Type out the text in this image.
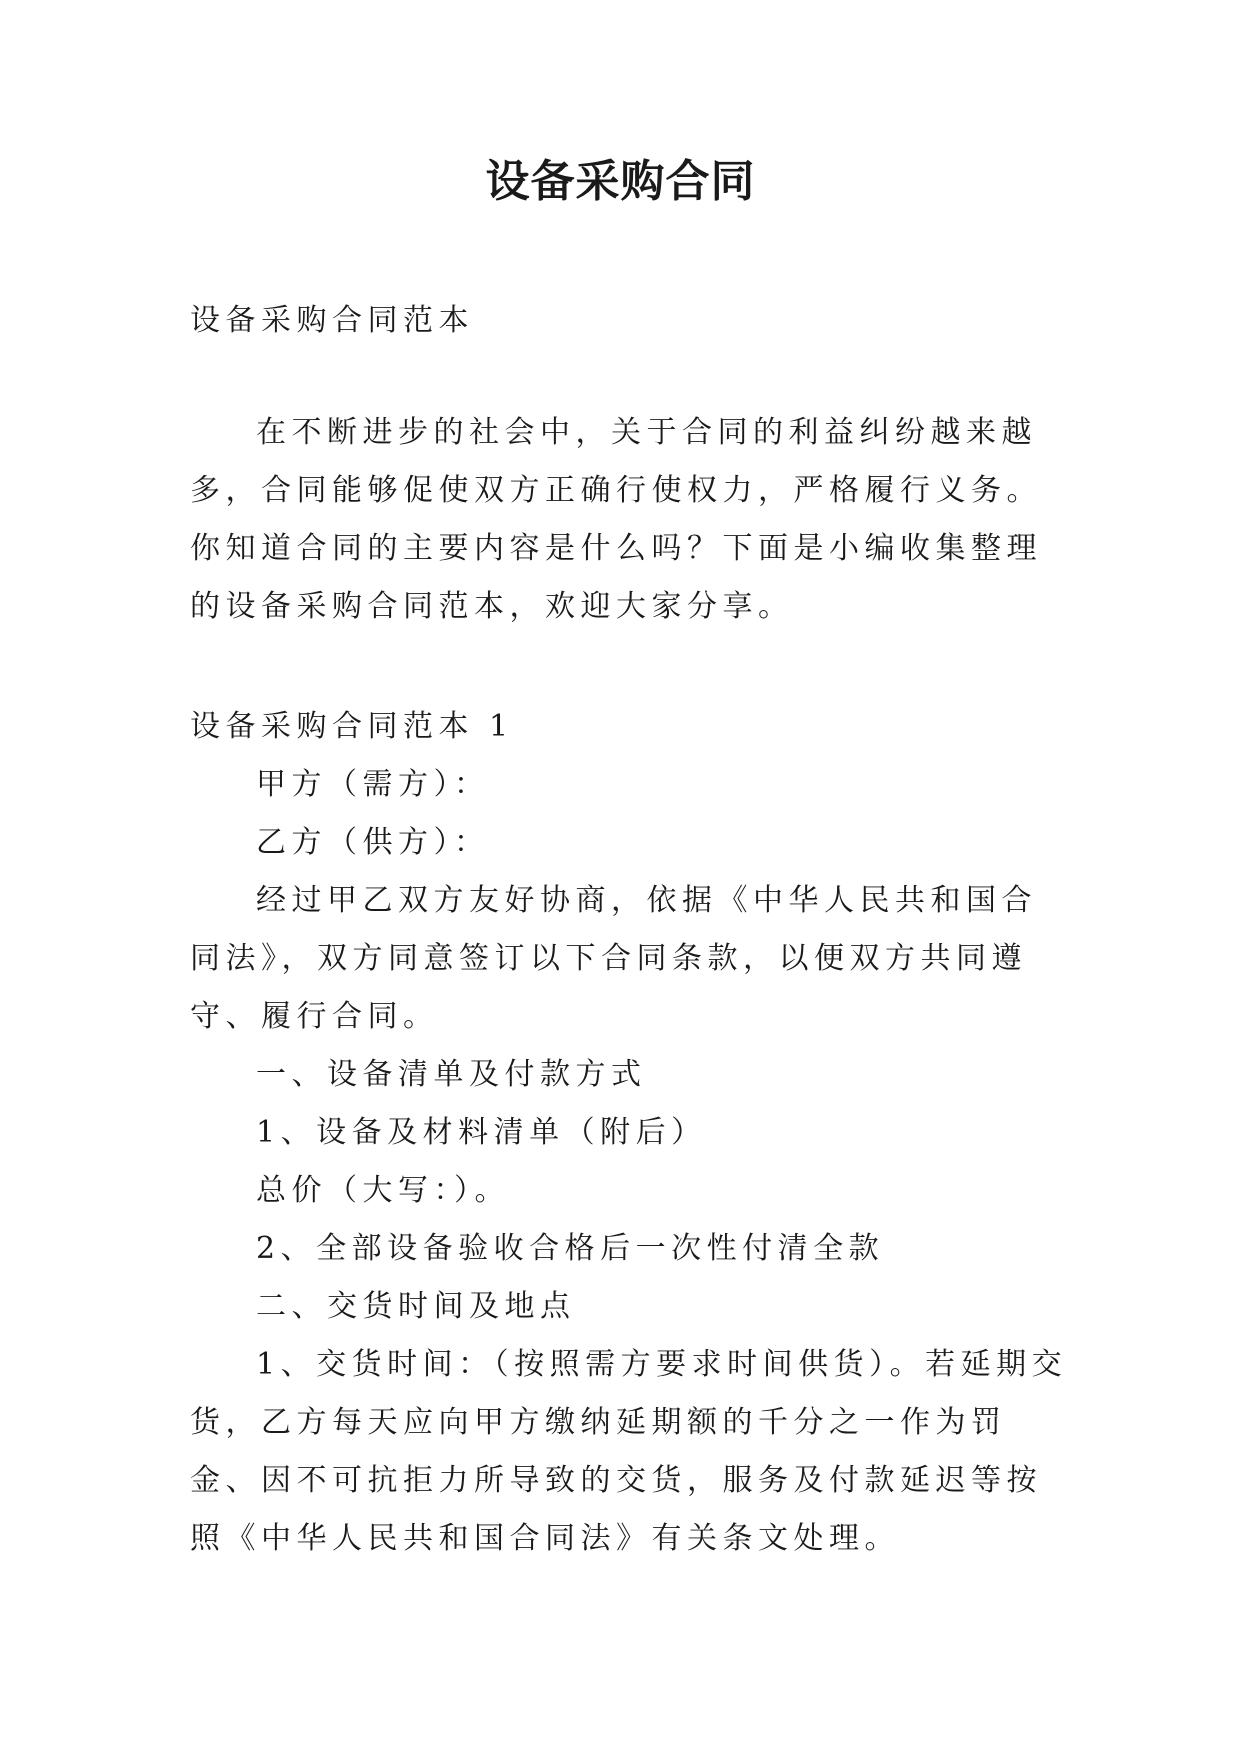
设备采购合同

设备采购合同范本

在不断进步的社会中，关于合同的利益纠纷越来越多，合同能够促使双方正确行使权力，严格履行义务。你知道合同的主要内容是什么吗？下面是小编收集整理的设备采购合同范本，欢迎大家分享。

设备采购合同范本 1

甲方（需方）：

乙方（供方）：

经过甲乙双方友好协商，依据《中华人民共和国合同法》，双方同意签订以下合同条款，以便双方共同遵守、履行合同。

一、设备清单及付款方式

1、设备及材料清单（附后）

总价（大写：）。

2、全部设备验收合格后一次性付清全款

二、交货时间及地点

1、交货时间：（按照需方要求时间供货）。若延期交货，乙方每天应向甲方缴纳延期额的千分之一作为罚金、因不可抗拒力所导致的交货，服务及付款延迟等按照《中华人民共和国合同法》有关条文处理。
